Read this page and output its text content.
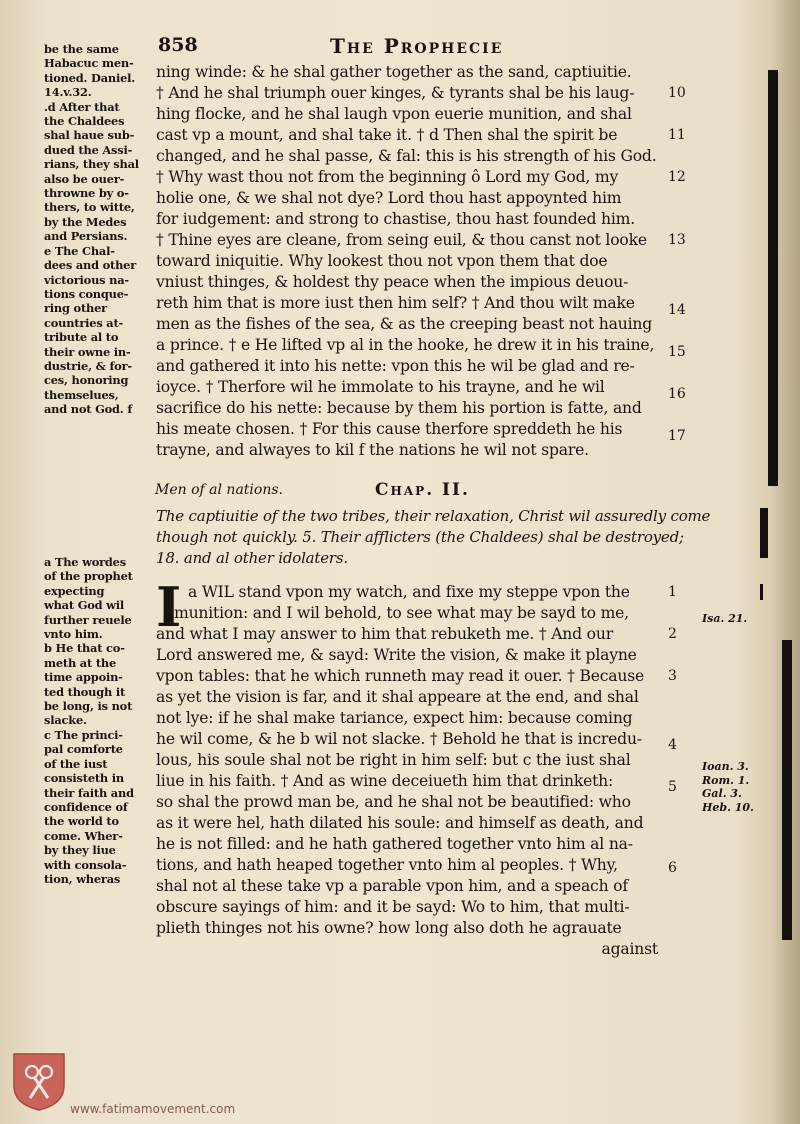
858	The Prophecie

be the same

Habacuc men-

tioned. Daniel.

14.v.32.

.d After that

the Chaldees

shal haue sub-

dued the Assi-

rians, they shal

also be ouer-

throwne by o-

thers, to witte,

by the Medes

and Persians.

e The Chal-

dees and other

victorious na-

tions conque-

ring other

countries at-

tribute al to

their owne in-

dustrie, & for-

ces, honoring

themselues,

and not God. f

ning winde: & he shal gather together as the sand, captiuitie.
† And he shal triumph ouer kinges, & tyrants shal be his laug-
hing flocke, and he shal laugh vpon euerie munition, and shal
cast vp a mount, and shal take it. † d Then shal the spirit be
changed, and he shal passe, & fal: this is his strength of his God.
† Why wast thou not from the beginning ô Lord my God, my
holie one, & we shal not dye? Lord thou hast appoynted him
for iudgement: and strong to chastise, thou hast founded him.
† Thine eyes are cleane, from seing euil, & thou canst not looke
toward iniquitie. Why lookest thou not vpon them that doe
vniust thinges, & holdest thy peace when the impious deuou-
reth him that is more iust then him self? † And thou wilt make
men as the fishes of the sea, & as the creeping beast not hauing
a prince. † e He lifted vp al in the hooke, he drew it in his traine,
and gathered it into his nette: vpon this he wil be glad and re-
ioyce. † Therfore wil he immolate to his trayne, and he wil
sacrifice do his nette: because by them his portion is fatte, and
his meate chosen. † For this cause therfore spreddeth he his
trayne, and alwayes to kil f the nations he wil not spare.
10
11
12
13
14
15
16
17
Men of al nations.	Chap. II.
The captiuitie of the two tribes, their relaxation, Christ wil assuredly come
though not quickly. 5. Their afflicters (the Chaldees) shal be destroyed;
18. and al other idolaters.

a The wordes

of the prophet

expecting

what God wil

further reuele

vnto him.

b He that co-

meth at the

time appoin-

ted though it

be long, is not

slacke.

c The princi-

pal comforte

of the iust

consisteth in

their faith and

confidence of

the world to

come. Wher-

by they liue

with consola-

tion, wheras

I a WIL stand vpon my watch, and fixe my steppe vpon the
munition: and I wil behold, to see what may be sayd to me,
and what I may answer to him that rebuketh me. † And our
Lord answered me, & sayd: Write the vision, & make it playne
vpon tables: that he which runneth may read it ouer. † Because
as yet the vision is far, and it shal appeare at the end, and shal
not lye: if he shal make tariance, expect him: because coming
he wil come, & he b wil not slacke. † Behold he that is incredu-
lous, his soule shal not be right in him self: but c the iust shal
liue in his faith. † And as wine deceiueth him that drinketh:
so shal the prowd man be, and he shal not be beautified: who
as it were hel, hath dilated his soule: and himself as death, and
he is not filled: and he hath gathered together vnto him al na-
tions, and hath heaped together vnto him al peoples. † Why,
shal not al these take vp a parable vpon him, and a speach of
obscure sayings of him: and it be sayd: Wo to him, that multi-
plieth thinges not his owne? how long also doth he agrauate
against
1
2
3
4
5
6
Isa. 21.
Ioan. 3.
Rom. 1.
Gal. 3.
Heb. 10.
www.fatimamovement.com
